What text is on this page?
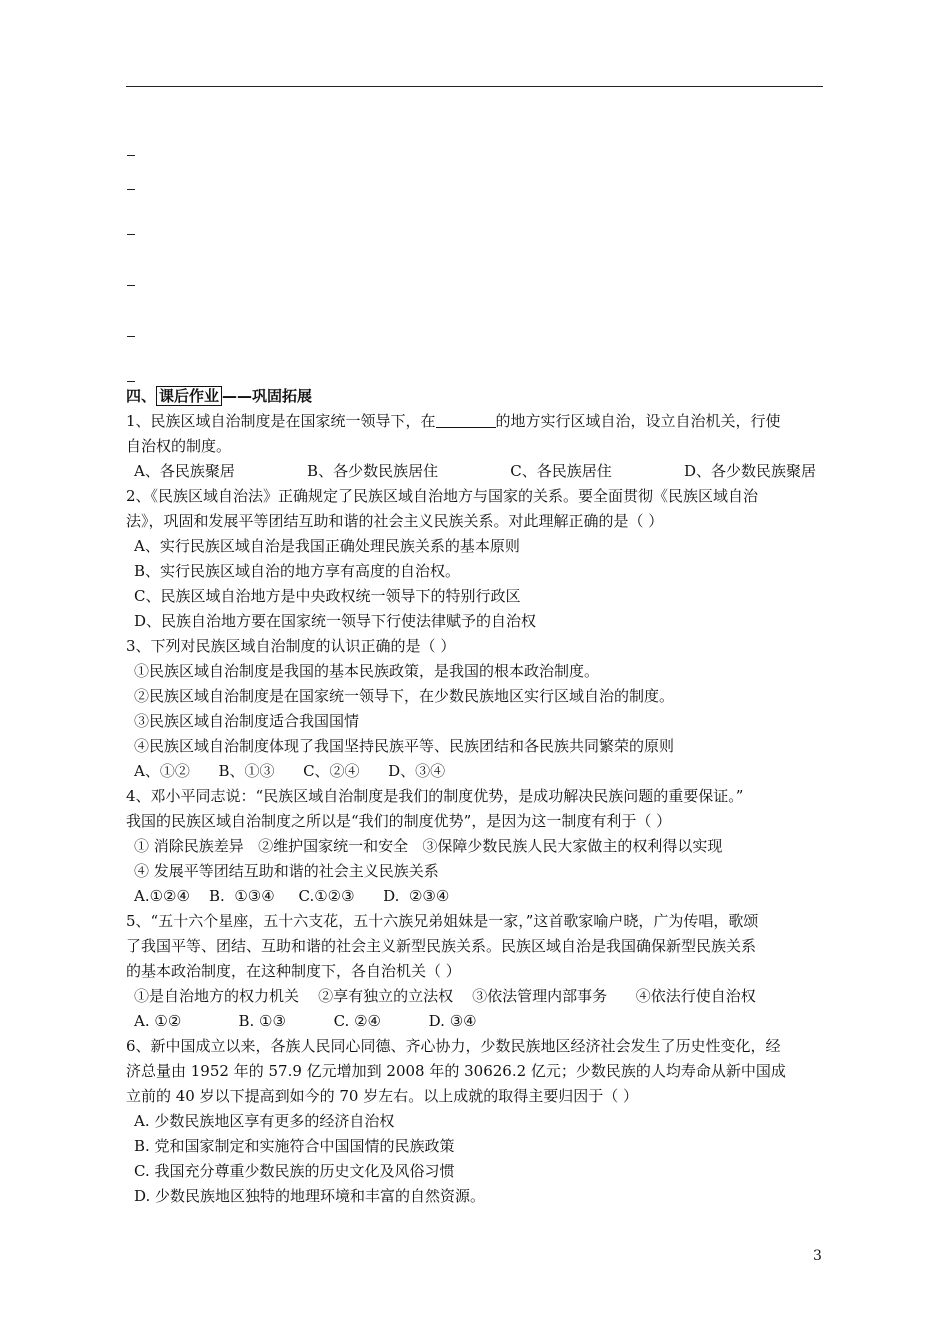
四、 课后作业 ——巩固拓展
1、民族区域自治制度是在国家统一领导下，在	的地方实行区域自治，设立自治机关，行使
自治权的制度。
A、各民族聚居	B、各少数民族居住	C、各民族居住	D、各少数民族聚居
2、《民族区域自治法》正确规定了民族区域自治地方与国家的关系。要全面贯彻《民族区域自治
法》，巩固和发展平等团结互助和谐的社会主义民族关系。对此理解正确的是（ ）
A、实行民族区域自治是我国正确处理民族关系的基本原则
B、实行民族区域自治的地方享有高度的自治权。
C、民族区域自治地方是中央政权统一领导下的特别行政区
D、民族自治地方要在国家统一领导下行使法律赋予的自治权
3、下列对民族区域自治制度的认识正确的是（ ）
①民族区域自治制度是我国的基本民族政策，是我国的根本政治制度。
②民族区域自治制度是在国家统一领导下，在少数民族地区实行区域自治的制度。
③民族区域自治制度适合我国国情
④民族区域自治制度体现了我国坚持民族平等、民族团结和各民族共同繁荣的原则
A、①②      B、①③      C、②④      D、③④
4、邓小平同志说：“民族区域自治制度是我们的制度优势，是成功解决民族问题的重要保证。”
我国的民族区域自治制度之所以是“我们的制度优势”，是因为这一制度有利于（ ）
① 消除民族差异   ②维护国家统一和安全   ③保障少数民族人民大家做主的权利得以实现
④ 发展平等团结互助和谐的社会主义民族关系
A.①②④    B.  ①③④     C.①②③      D.  ②③④
5、“五十六个星座，五十六支花，五十六族兄弟姐妹是一家，”这首歌家喻户晓，广为传唱，歌颂
了我国平等、团结、互助和谐的社会主义新型民族关系。民族区域自治是我国确保新型民族关系
的基本政治制度，在这种制度下，各自治机关（ ）
①是自治地方的权力机关    ②享有独立的立法权    ③依法管理内部事务      ④依法行使自治权
A. ①②            B. ①③          C. ②④          D. ③④
6、新中国成立以来，各族人民同心同德、齐心协力，少数民族地区经济社会发生了历史性变化，经
济总量由 1952 年的 57.9 亿元增加到 2008 年的 30626.2 亿元；少数民族的人均寿命从新中国成
立前的 40 岁以下提高到如今的 70 岁左右。以上成就的取得主要归因于（ ）
A. 少数民族地区享有更多的经济自治权
B. 党和国家制定和实施符合中国国情的民族政策
C. 我国充分尊重少数民族的历史文化及风俗习惯
D. 少数民族地区独特的地理环境和丰富的自然资源。
3
